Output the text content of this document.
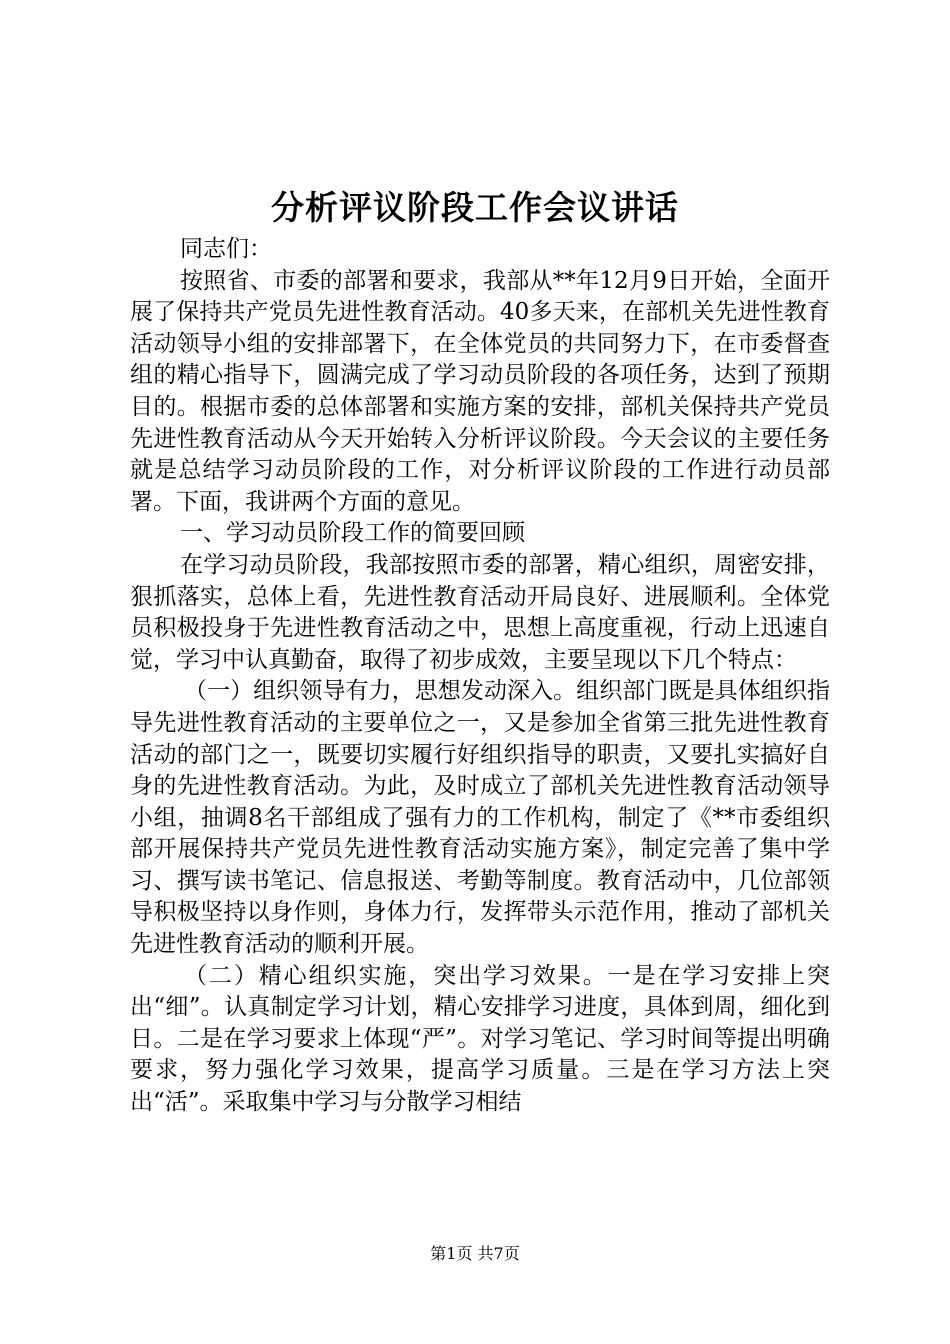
分析评议阶段工作会议讲话

同志们：

按照省、市委的部署和要求，我部从**年12月9日开始，全面开展了保持共产党员先进性教育活动。40多天来，在部机关先进性教育活动领导小组的安排部署下，在全体党员的共同努力下，在市委督查组的精心指导下，圆满完成了学习动员阶段的各项任务，达到了预期目的。根据市委的总体部署和实施方案的安排，部机关保持共产党员先进性教育活动从今天开始转入分析评议阶段。今天会议的主要任务就是总结学习动员阶段的工作，对分析评议阶段的工作进行动员部署。下面，我讲两个方面的意见。

一、学习动员阶段工作的简要回顾

在学习动员阶段，我部按照市委的部署，精心组织，周密安排，狠抓落实，总体上看，先进性教育活动开局良好、进展顺利。全体党员积极投身于先进性教育活动之中，思想上高度重视，行动上迅速自觉，学习中认真勤奋，取得了初步成效，主要呈现以下几个特点：

（一）组织领导有力，思想发动深入。组织部门既是具体组织指导先进性教育活动的主要单位之一，又是参加全省第三批先进性教育活动的部门之一，既要切实履行好组织指导的职责，又要扎实搞好自身的先进性教育活动。为此，及时成立了部机关先进性教育活动领导小组，抽调8名干部组成了强有力的工作机构，制定了《**市委组织部开展保持共产党员先进性教育活动实施方案》，制定完善了集中学习、撰写读书笔记、信息报送、考勤等制度。教育活动中，几位部领导积极坚持以身作则，身体力行，发挥带头示范作用，推动了部机关先进性教育活动的顺利开展。

（二）精心组织实施，突出学习效果。一是在学习安排上突出“细”。认真制定学习计划，精心安排学习进度，具体到周，细化到日。二是在学习要求上体现“严”。对学习笔记、学习时间等提出明确要求，努力强化学习效果，提高学习质量。三是在学习方法上突出“活”。采取集中学习与分散学习相结

第1页 共7页
